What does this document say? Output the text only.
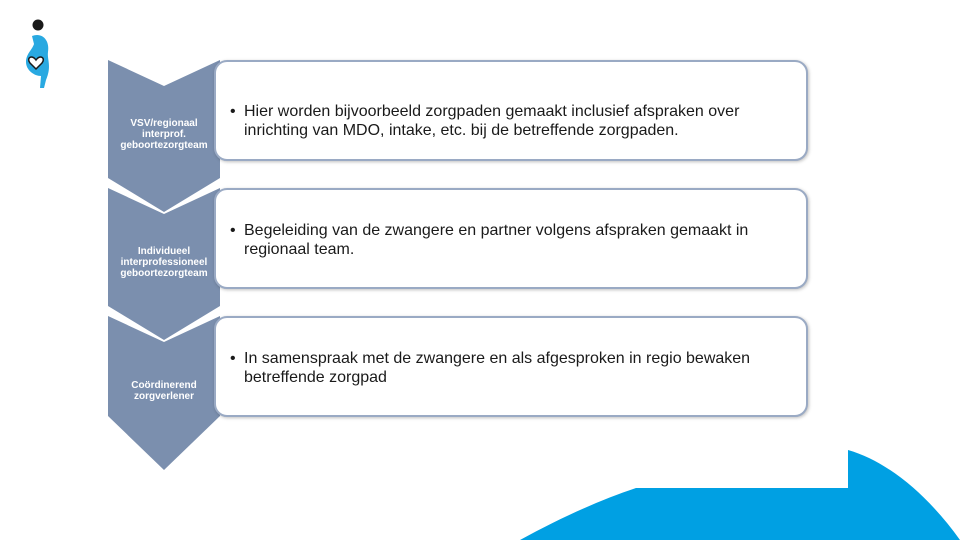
VSV/regionaal
interprof.
geboortezorgteam
• Hier worden bijvoorbeeld zorgpaden gemaakt inclusief afspraken over inrichting van MDO, intake, etc. bij de betreffende zorgpaden.
Individueel
interprofessioneel
geboortezorgteam
• Begeleiding van de zwangere en partner volgens afspraken gemaakt in regionaal team.
Coördinerend
zorgverlener
• In samenspraak met de zwangere en als afgesproken in regio bewaken betreffende zorgpad
